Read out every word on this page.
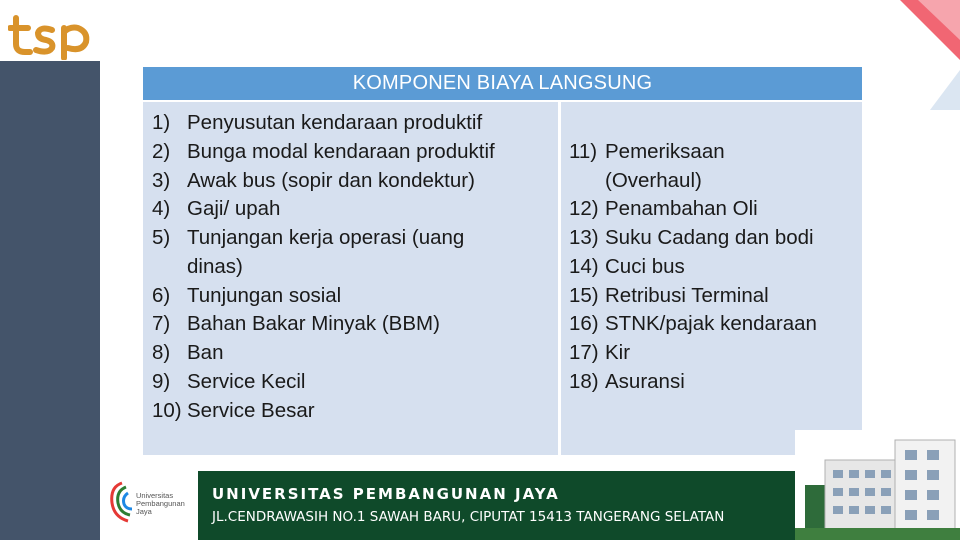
KOMPONEN BIAYA LANGSUNG
1) Penyusutan kendaraan produktif
2) Bunga modal kendaraan produktif
3) Awak bus (sopir dan kondektur)
4) Gaji/ upah
5) Tunjangan kerja operasi (uang
dinas)
6) Tunjungan sosial
7) Bahan Bakar Minyak (BBM)
8) Ban
9) Service Kecil
10) Service Besar
11) Pemeriksaan
(Overhaul)
12) Penambahan Oli
13) Suku Cadang dan bodi
14) Cuci bus
15) Retribusi Terminal
16) STNK/pajak kendaraan
17) Kir
18) Asuransi
Universitas
Pembangunan
Jaya
UNIVERSITAS PEMBANGUNAN JAYA
JL.CENDRAWASIH NO.1 SAWAH BARU, CIPUTAT 15413 TANGERANG SELATAN
